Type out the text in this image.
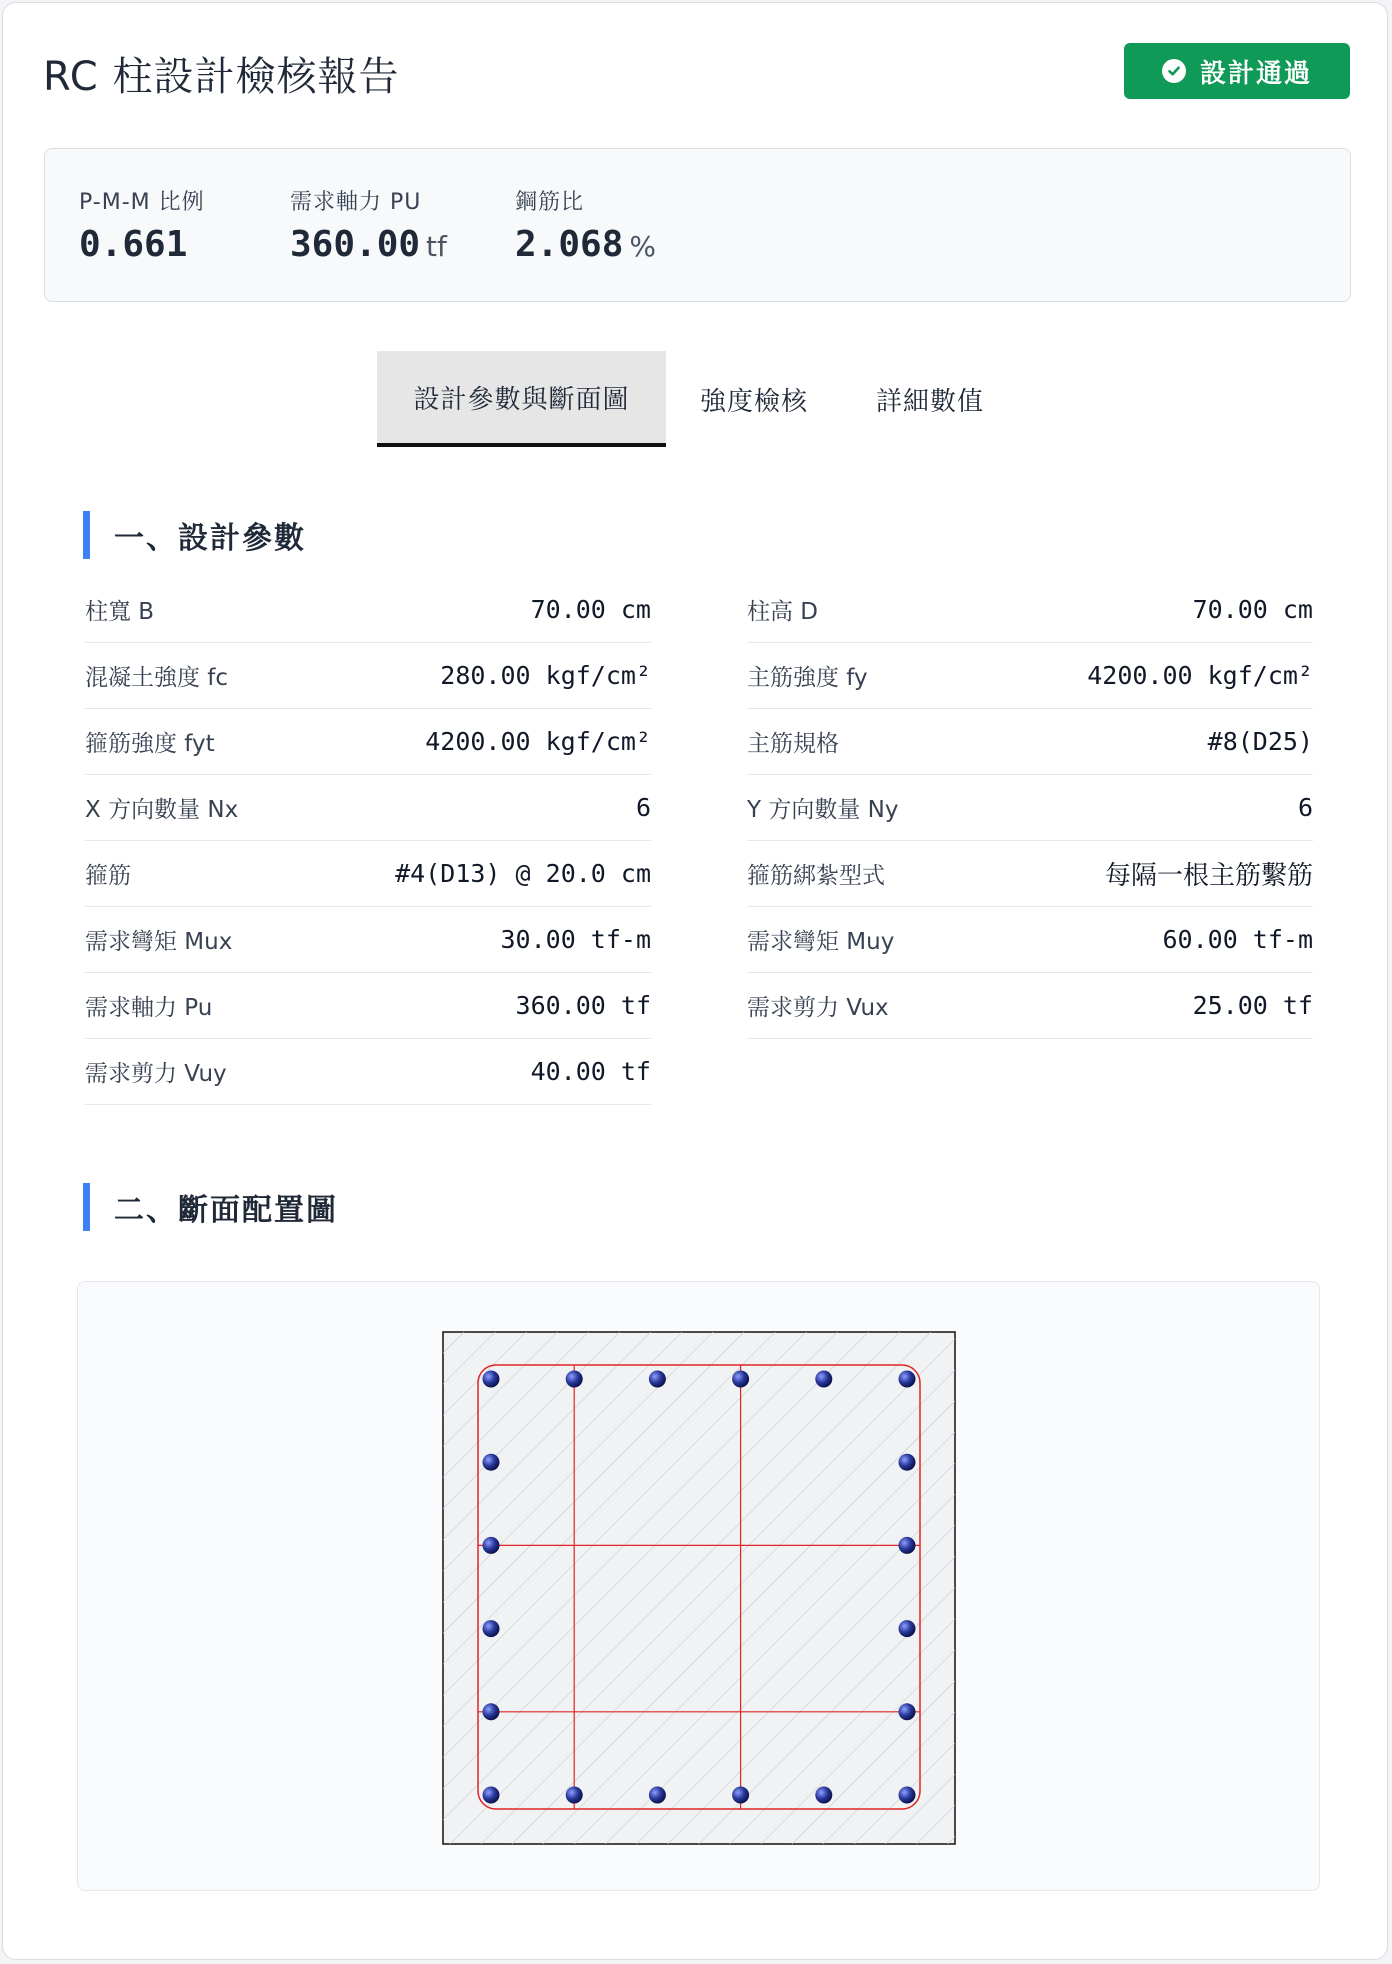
RC 柱設計檢核報告	設計通過
P-M-M 比例
0.661
需求軸力 PU
360.00 tf
鋼筋比
2.068 %
設計參數與斷面圖	強度檢核	詳細數值
一、設計參數
柱寬 B	70.00 cm
混凝土強度 fc	280.00 kgf/cm²
箍筋強度 fyt	4200.00 kgf/cm²
X 方向數量 Nx	6
箍筋	#4(D13) @ 20.0 cm
需求彎矩 Mux	30.00 tf-m
需求軸力 Pu	360.00 tf
需求剪力 Vuy	40.00 tf
柱高 D	70.00 cm
主筋強度 fy	4200.00 kgf/cm²
主筋規格	#8(D25)
Y 方向數量 Ny	6
箍筋綁紮型式	每隔一根主筋繫筋
需求彎矩 Muy	60.00 tf-m
需求剪力 Vux	25.00 tf
二、斷面配置圖
